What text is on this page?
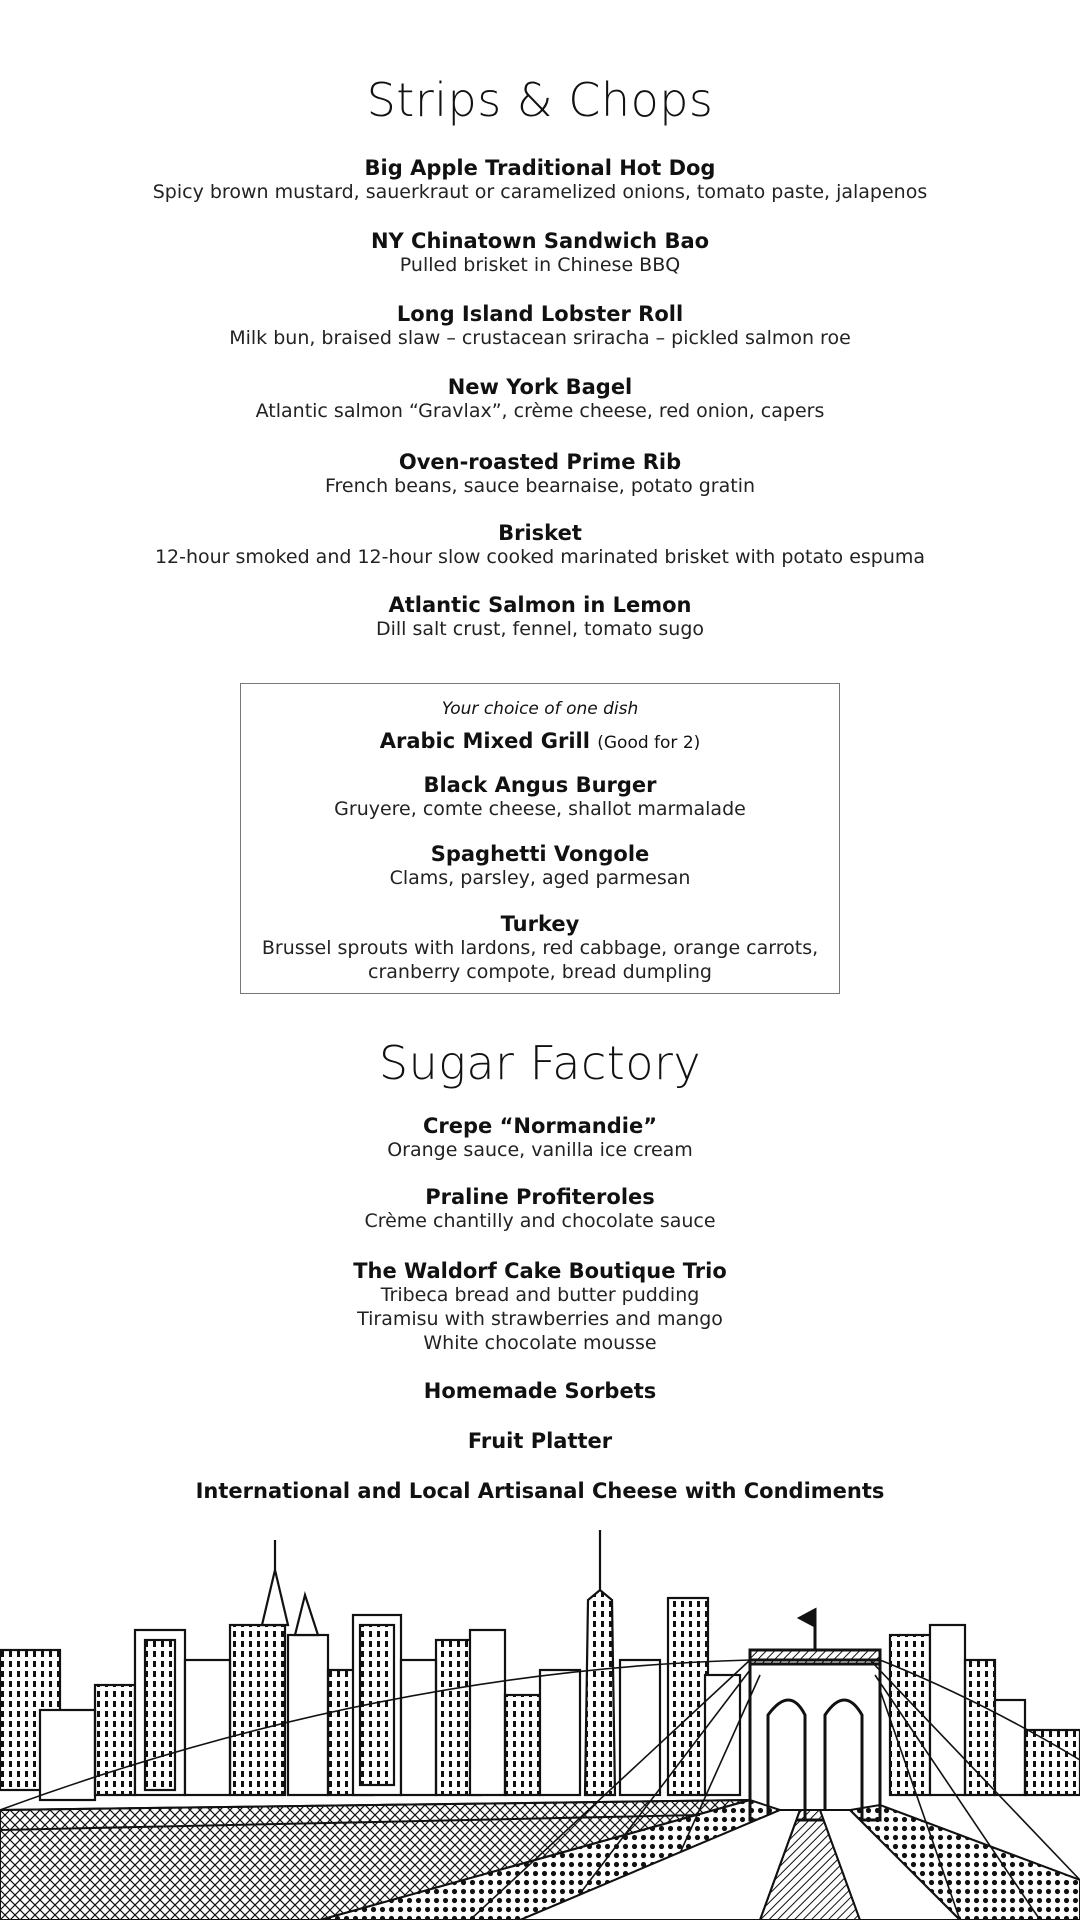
Strips & Chops
Big Apple Traditional Hot Dog
Spicy brown mustard, sauerkraut or caramelized onions, tomato paste, jalapenos
NY Chinatown Sandwich Bao
Pulled brisket in Chinese BBQ
Long Island Lobster Roll
Milk bun, braised slaw – crustacean sriracha – pickled salmon roe
New York Bagel
Atlantic salmon “Gravlax”, crème cheese, red onion, capers
Oven-roasted Prime Rib
French beans, sauce bearnaise, potato gratin
Brisket
12-hour smoked and 12-hour slow cooked marinated brisket with potato espuma
Atlantic Salmon in Lemon
Dill salt crust, fennel, tomato sugo
Your choice of one dish
Arabic Mixed Grill (Good for 2)
Black Angus Burger
Gruyere, comte cheese, shallot marmalade
Spaghetti Vongole
Clams, parsley, aged parmesan
Turkey
Brussel sprouts with lardons, red cabbage, orange carrots,
cranberry compote, bread dumpling
Sugar Factory
Crepe “Normandie”
Orange sauce, vanilla ice cream
Praline Profiteroles
Crème chantilly and chocolate sauce
The Waldorf Cake Boutique Trio
Tribeca bread and butter pudding
Tiramisu with strawberries and mango
White chocolate mousse
Homemade Sorbets
Fruit Platter
International and Local Artisanal Cheese with Condiments
